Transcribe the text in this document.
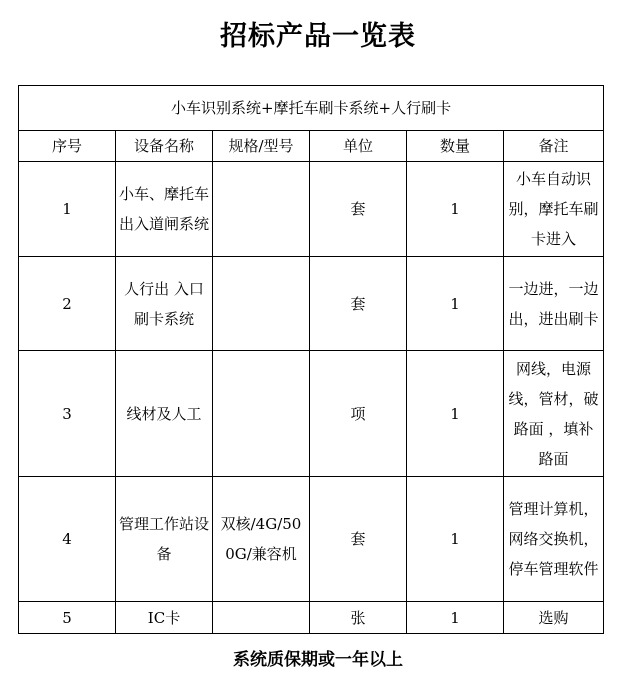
招标产品一览表
小车识别系统+摩托车刷卡系统+人行刷卡					
序号	设备名称	规格/型号	单位	数量	备注
1	小车、摩托车出入道闸系统		套	1	小车自动识别，摩托车刷卡进入
2	人行出 入口刷卡系统		套	1	一边进，一边出，进出刷卡
3	线材及人工		项	1	网线，电源线，管材，破路面 ，填补路面
4	管理工作站设备	双核/4G/500G/兼容机	套	1	管理计算机，网络交换机，停车管理软件
5	IC卡		张	1	选购
系统质保期或一年以上
